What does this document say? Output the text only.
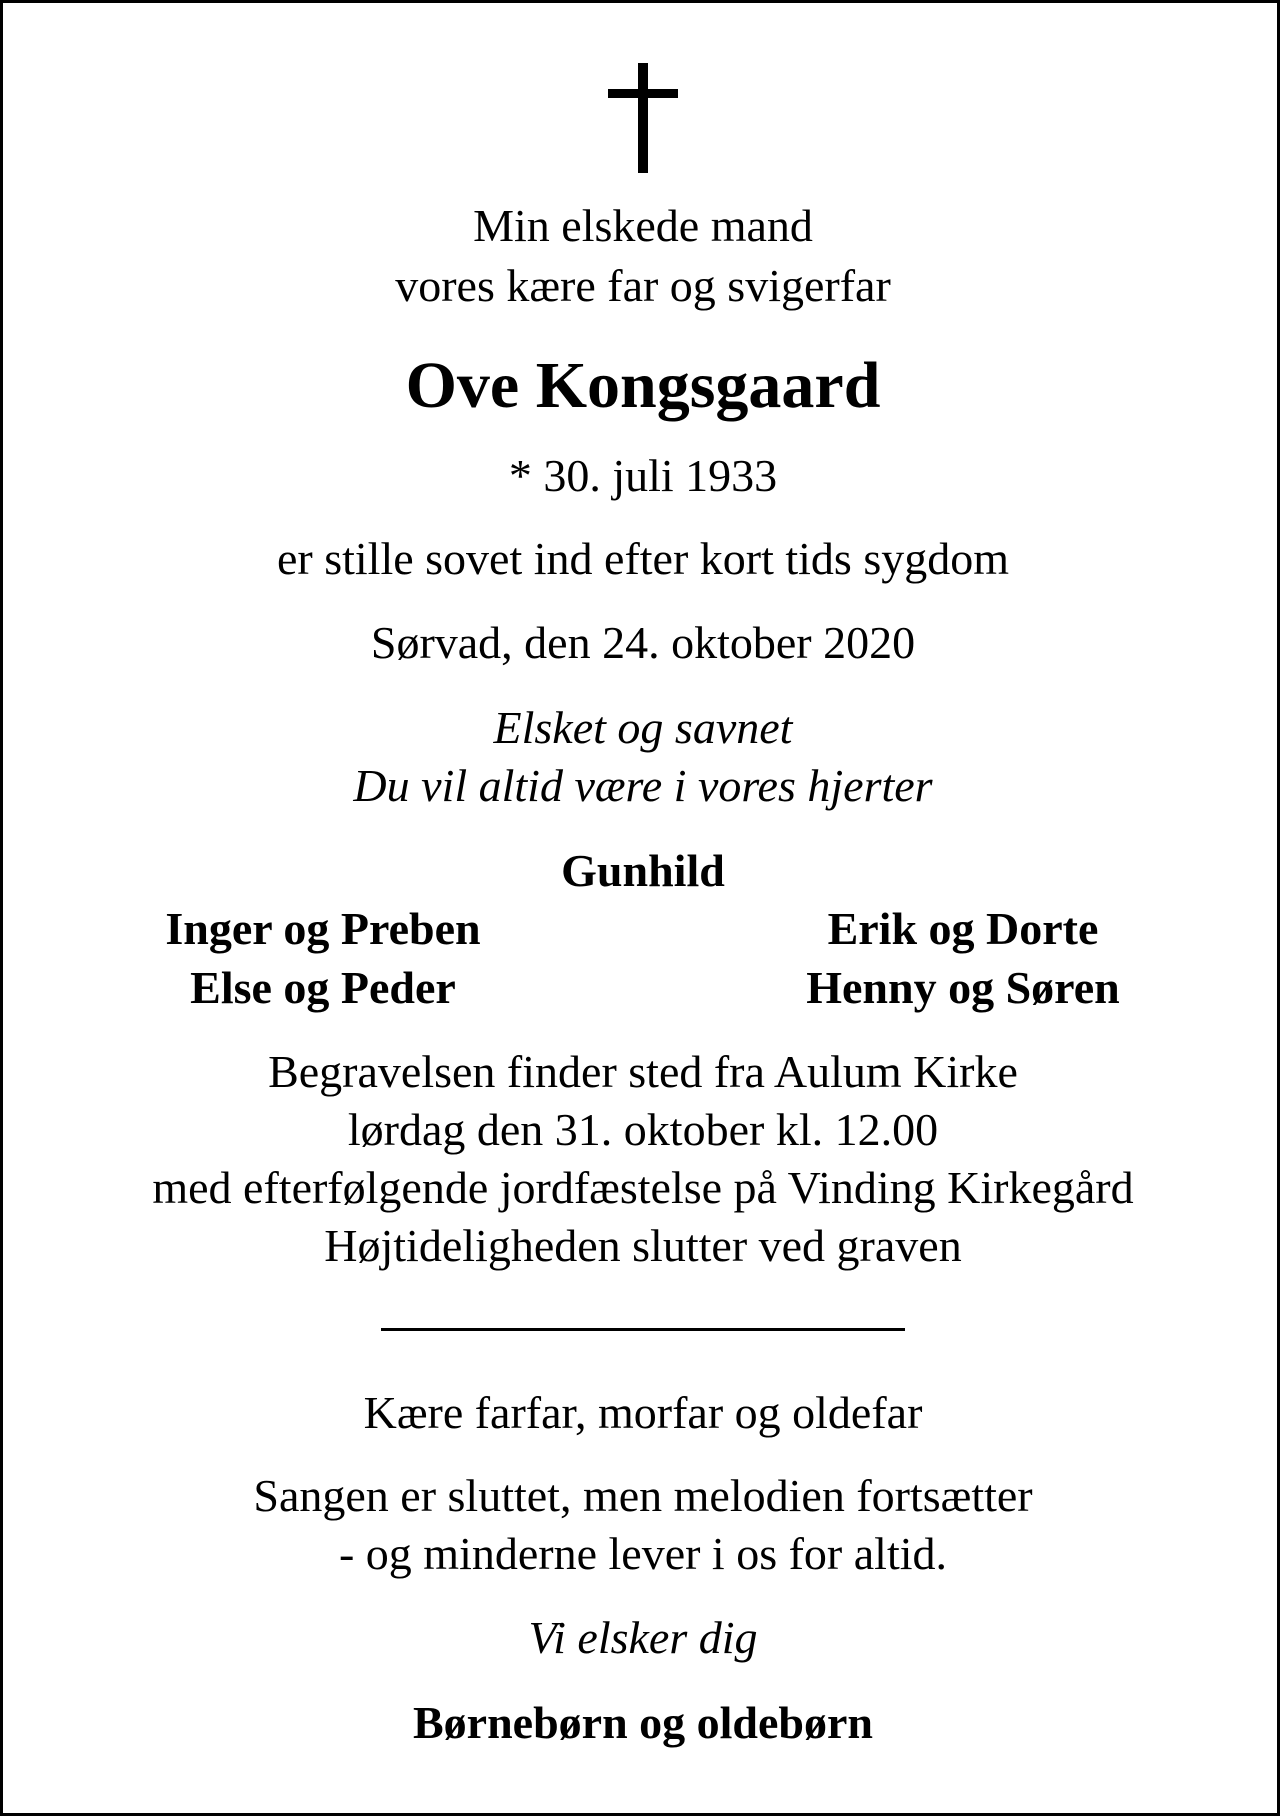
Min elskede mand
vores kære far og svigerfar
Ove Kongsgaard
* 30. juli 1933
er stille sovet ind efter kort tids sygdom
Sørvad, den 24. oktober 2020
Elsket og savnet
Du vil altid være i vores hjerter
Gunhild
Inger og Preben
Else og Peder
Erik og Dorte
Henny og Søren
Begravelsen finder sted fra Aulum Kirke
lørdag den 31. oktober kl. 12.00
med efterfølgende jordfæstelse på Vinding Kirkegård
Højtideligheden slutter ved graven
Kære farfar, morfar og oldefar
Sangen er sluttet, men melodien fortsætter
- og minderne lever i os for altid.
Vi elsker dig
Børnebørn og oldebørn
